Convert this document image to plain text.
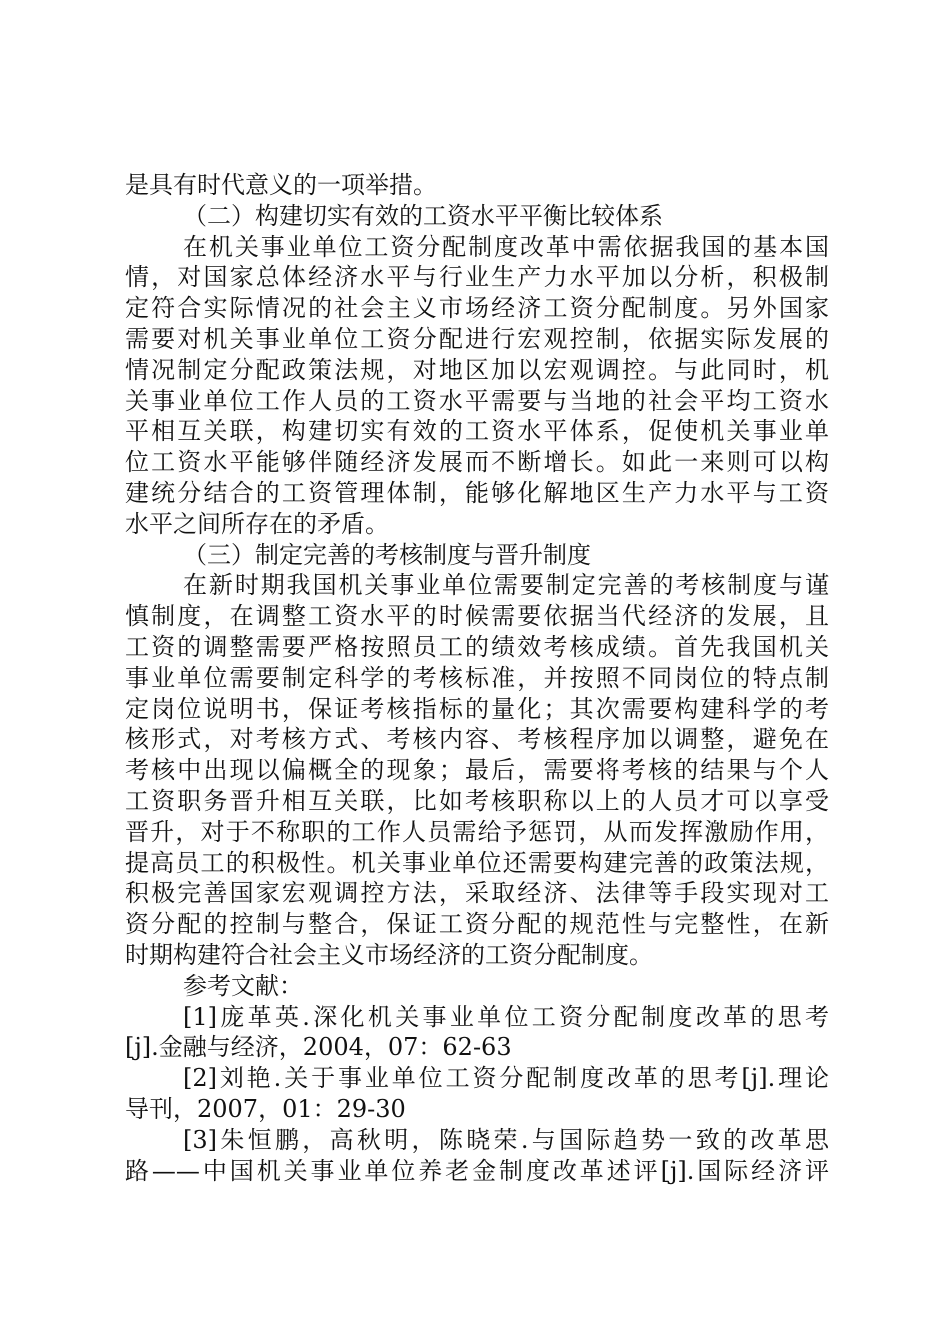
是具有时代意义的一项举措。
（二）构建切实有效的工资水平平衡比较体系
在机关事业单位工资分配制度改革中需依据我国的基本国
情，对国家总体经济水平与行业生产力水平加以分析，积极制
定符合实际情况的社会主义市场经济工资分配制度。另外国家
需要对机关事业单位工资分配进行宏观控制，依据实际发展的
情况制定分配政策法规，对地区加以宏观调控。与此同时，机
关事业单位工作人员的工资水平需要与当地的社会平均工资水
平相互关联，构建切实有效的工资水平体系，促使机关事业单
位工资水平能够伴随经济发展而不断增长。如此一来则可以构
建统分结合的工资管理体制，能够化解地区生产力水平与工资
水平之间所存在的矛盾。
（三）制定完善的考核制度与晋升制度
在新时期我国机关事业单位需要制定完善的考核制度与谨
慎制度，在调整工资水平的时候需要依据当代经济的发展，且
工资的调整需要严格按照员工的绩效考核成绩。首先我国机关
事业单位需要制定科学的考核标准，并按照不同岗位的特点制
定岗位说明书，保证考核指标的量化；其次需要构建科学的考
核形式，对考核方式、考核内容、考核程序加以调整，避免在
考核中出现以偏概全的现象；最后，需要将考核的结果与个人
工资职务晋升相互关联，比如考核职称以上的人员才可以享受
晋升，对于不称职的工作人员需给予惩罚，从而发挥激励作用，
提高员工的积极性。机关事业单位还需要构建完善的政策法规，
积极完善国家宏观调控方法，采取经济、法律等手段实现对工
资分配的控制与整合，保证工资分配的规范性与完整性，在新
时期构建符合社会主义市场经济的工资分配制度。
参考文献：
[1]庞革英.深化机关事业单位工资分配制度改革的思考
[j].金融与经济，2004，07：62-63
[2]刘艳.关于事业单位工资分配制度改革的思考[j].理论
导刊，2007，01：29-30
[3]朱恒鹏，高秋明，陈晓荣.与国际趋势一致的改革思
路——中国机关事业单位养老金制度改革述评[j].国际经济评
